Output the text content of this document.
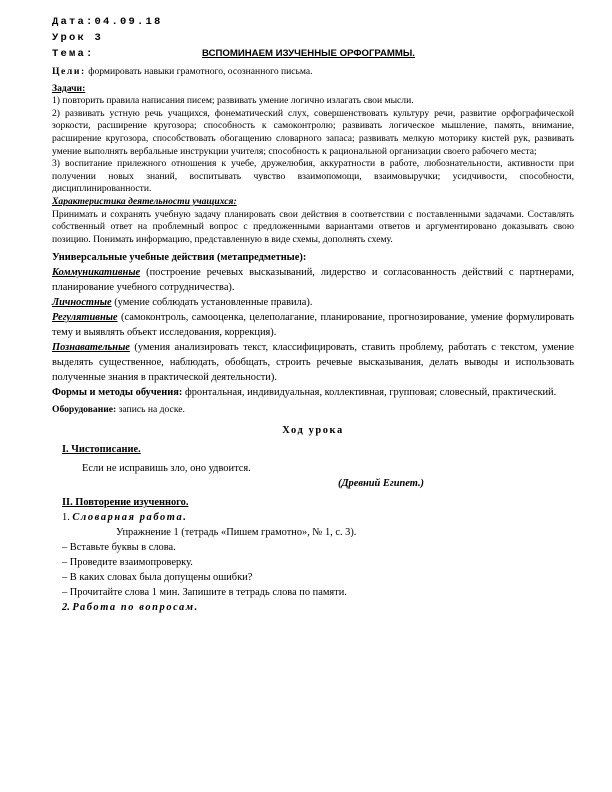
Дата:04.09.18
Урок 3
Тема:	ВСПОМИНАЕМ ИЗУЧЕННЫЕ ОРФОГРАММЫ.
Цели: формировать навыки грамотного, осознанного письма.
Задачи:
1) повторить правила написания писем; развивать умение логично излагать свои мысли.
2) развивать устную речь учащихся, фонематический слух, совершенствовать культуру речи, развитие орфографической зоркости, расширение кругозора; способность к самоконтролю; развивать логическое мышление, память, внимание, расширение кругозора, способствовать обогащению словарного запаса; развивать мелкую моторику кистей рук, развивать умение выполнять вербальные инструкции учителя; способность к рациональной организации своего рабочего места;
3) воспитание прилежного отношения к учебе, дружелюбия, аккуратности в работе, любознательности, активности при получении новых знаний, воспитывать чувство взаимопомощи, взаимовыручки; усидчивости, способности, дисциплинированности.
Характеристика деятельности учащихся:
Принимать и сохранять учебную задачу планировать свои действия в соответствии с поставленными задачами. Составлять собственный ответ на проблемный вопрос с предложенными вариантами ответов и аргументировано доказывать свою позицию. Понимать информацию, представленную в виде схемы, дополнять схему.
Универсальные учебные действия (метапредметные):
Коммуникативные (построение речевых высказываний, лидерство и согласованность действий с партнерами, планирование учебного сотрудничества).
Личностные (умение соблюдать установленные правила).
Регулятивные (самоконтроль, самооценка, целеполагание, планирование, прогнозирование, умение формулировать тему и выявлять объект исследования, коррекция).
Познавательные (умения анализировать текст, классифицировать, ставить проблему, работать с текстом, умение выделять существенное, наблюдать, обобщать, строить речевые высказывания, делать выводы и использовать полученные знания в практической деятельности).
Формы и методы обучения: фронтальная, индивидуальная, коллективная, групповая; словесный, практический.
Оборудование: запись на доске.
Ход урока
I. Чистописание.
Если не исправишь зло, оно удвоится.
(Древний Египет.)
II. Повторение изученного.
1. Словарная работа.
Упражнение 1 (тетрадь «Пишем грамотно», № 1, с. 3).
– Вставьте буквы в слова.
– Проведите взаимопроверку.
– В каких словах была допущены ошибки?
– Прочитайте слова 1 мин. Запишите в тетрадь слова по памяти.
2. Работа по вопросам.
